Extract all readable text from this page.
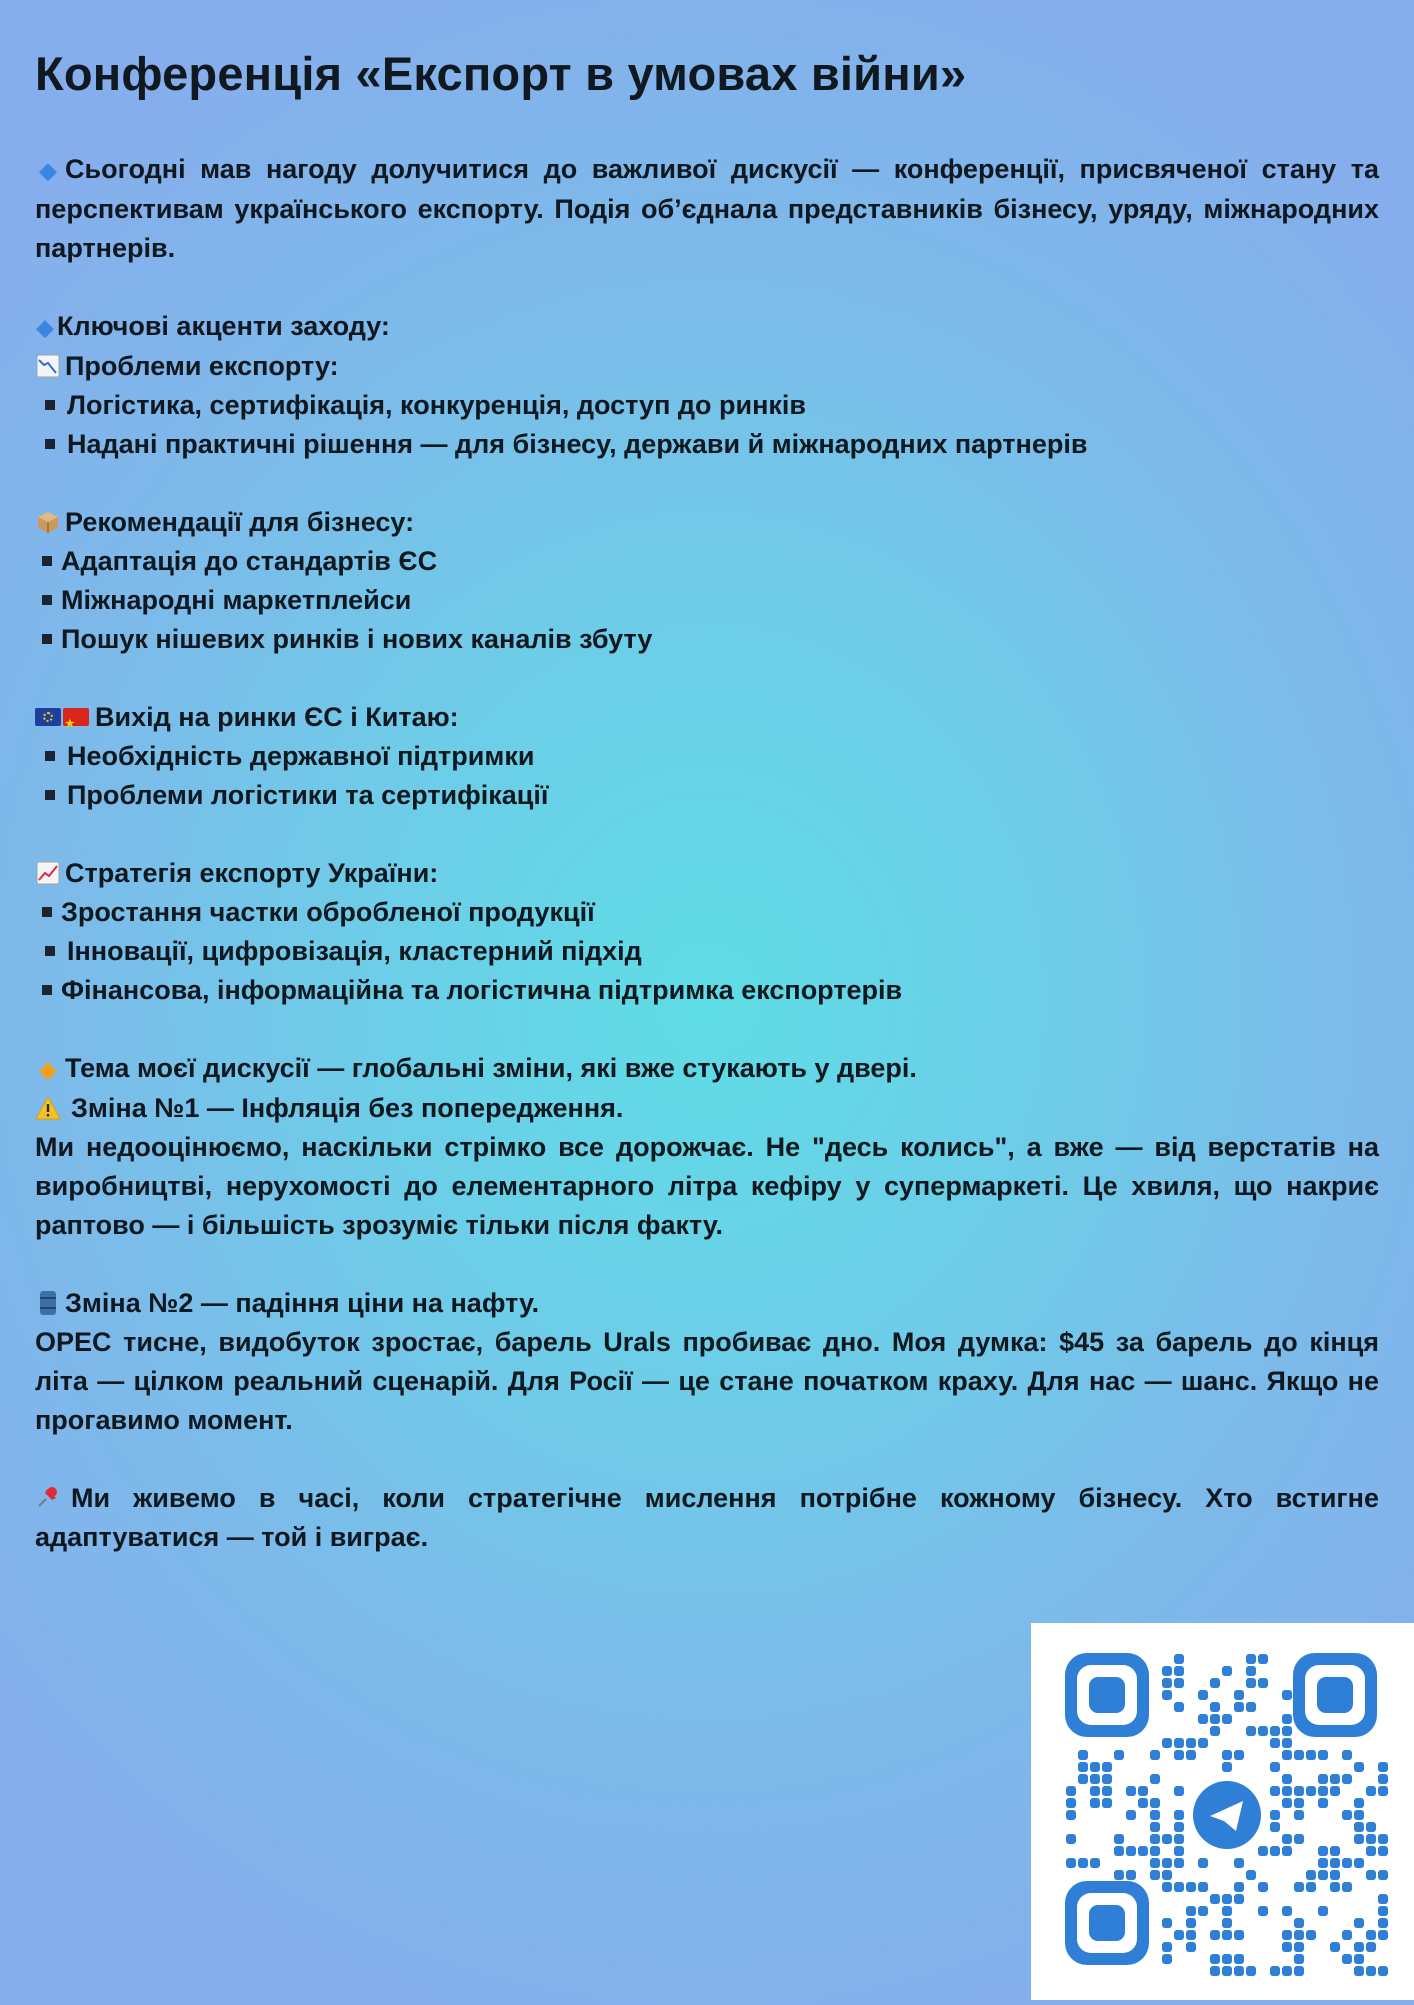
Конференція «Експорт в умовах війни»

◆ Сьогодні мав нагоду долучитися до важливої дискусії — конференції, присвяченої стану та перспективам українського експорту. Подія об’єднала представників бізнесу, уряду, міжнародних партнерів.

◆ Ключові акценти заходу:
Проблеми експорту:
Логістика, сертифікація, конкуренція, доступ до ринків
Надані практичні рішення — для бізнесу, держави й міжнародних партнерів
Рекомендації для бізнесу:
Адаптація до стандартів ЄС
Міжнародні маркетплейси
Пошук нішевих ринків і нових каналів збуту
★Вихід на ринки ЄС і Китаю:
Необхідність державної підтримки
Проблеми логістики та сертифікації
Стратегія експорту України:
Зростання частки обробленої продукції
Інновації, цифровізація, кластерний підхід
Фінансова, інформаційна та логістична підтримка експортерів
◆ Тема моєї дискусії — глобальні зміни, які вже стукають у двері.
Зміна №1 — Інфляція без попередження.

Ми недооцінюємо, наскільки стрімко все дорожчає. Не "десь колись", а вже — від верстатів на виробництві, нерухомості до елементарного літра кефіру у супермаркеті. Це хвиля, що накриє раптово — і більшість зрозуміє тільки після факту.

Зміна №2 — падіння ціни на нафту.

OPEC тисне, видобуток зростає, барель Urals пробиває дно. Моя думка: $45 за барель до кінця літа — цілком реальний сценарій. Для Росії — це стане початком краху. Для нас — шанс. Якщо не прогавимо момент.

Ми живемо в часі, коли стратегічне мислення потрібне кожному бізнесу. Хто встигне адаптуватися — той і виграє.
